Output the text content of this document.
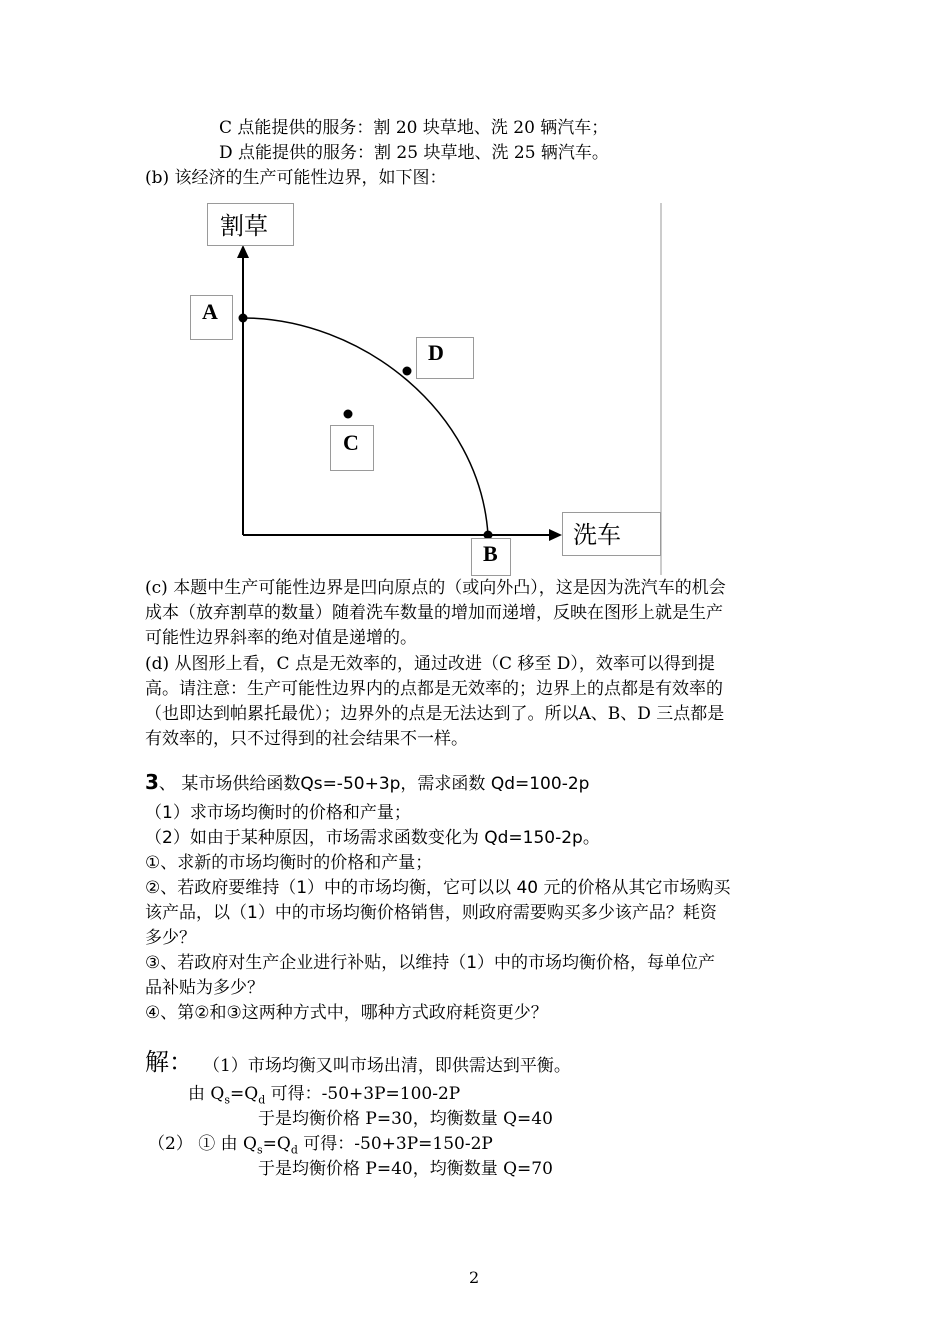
C 点能提供的服务：割 20 块草地、洗 20 辆汽车；
D 点能提供的服务：割 25 块草地、洗 25 辆汽车。
(b) 该经济的生产可能性边界，如下图：
割草
A
D
C
洗车
B
(c) 本题中生产可能性边界是凹向原点的（或向外凸），这是因为洗汽车的机会
成本（放弃割草的数量）随着洗车数量的增加而递增，反映在图形上就是生产
可能性边界斜率的绝对值是递增的。
(d) 从图形上看，C 点是无效率的，通过改进（C 移至 D），效率可以得到提
高。请注意：生产可能性边界内的点都是无效率的；边界上的点都是有效率的
（也即达到帕累托最优）；边界外的点是无法达到了。所以A、B、D 三点都是
有效率的，只不过得到的社会结果不一样。
3、 某市场供给函数Qs=-50+3p，需求函数 Qd=100-2p
（1）求市场均衡时的价格和产量；
（2）如由于某种原因，市场需求函数变化为 Qd=150-2p。
①、求新的市场均衡时的价格和产量；
②、若政府要维持（1）中的市场均衡，它可以以 40 元的价格从其它市场购买
该产品，以（1）中的市场均衡价格销售，则政府需要购买多少该产品？耗资
多少？
③、若政府对生产企业进行补贴，以维持（1）中的市场均衡价格，每单位产
品补贴为多少？
④、第②和③这两种方式中，哪种方式政府耗资更少？
解： （1）市场均衡又叫市场出清，即供需达到平衡。
由 $Q_s=Q_d$ 可得：-50+3P=100-2P
于是均衡价格 P=30，均衡数量 Q=40
（2） ① 由 $Q_s=Q_d$ 可得：-50+3P=150-2P
于是均衡价格 P=40，均衡数量 Q=70
2
